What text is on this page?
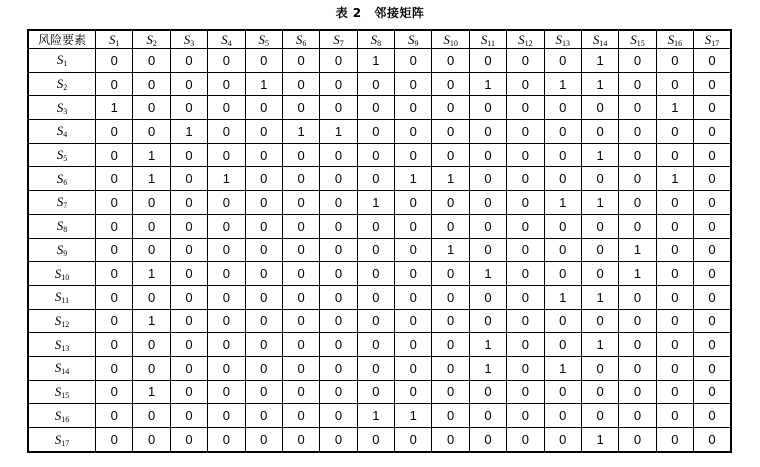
表 2 邻接矩阵
风险要素	$S_1$	$S_2$	$S_3$	$S_4$	$S_5$	$S_6$	$S_7$	$S_8$	$S_9$	$S_{10}$	$S_{11}$	$S_{12}$	$S_{13}$	$S_{14}$	$S_{15}$	$S_{16}$	$S_{17}$
$S_1$	0	0	0	0	0	0	0	1	0	0	0	0	0	1	0	0	0
$S_2$	0	0	0	0	1	0	0	0	0	0	1	0	1	1	0	0	0
$S_3$	1	0	0	0	0	0	0	0	0	0	0	0	0	0	0	1	0
$S_4$	0	0	1	0	0	1	1	0	0	0	0	0	0	0	0	0	0
$S_5$	0	1	0	0	0	0	0	0	0	0	0	0	0	1	0	0	0
$S_6$	0	1	0	1	0	0	0	0	1	1	0	0	0	0	0	1	0
$S_7$	0	0	0	0	0	0	0	1	0	0	0	0	1	1	0	0	0
$S_8$	0	0	0	0	0	0	0	0	0	0	0	0	0	0	0	0	0
$S_9$	0	0	0	0	0	0	0	0	0	1	0	0	0	0	1	0	0
$S_{10}$	0	1	0	0	0	0	0	0	0	0	1	0	0	0	1	0	0
$S_{11}$	0	0	0	0	0	0	0	0	0	0	0	0	1	1	0	0	0
$S_{12}$	0	1	0	0	0	0	0	0	0	0	0	0	0	0	0	0	0
$S_{13}$	0	0	0	0	0	0	0	0	0	0	1	0	0	1	0	0	0
$S_{14}$	0	0	0	0	0	0	0	0	0	0	1	0	1	0	0	0	0
$S_{15}$	0	1	0	0	0	0	0	0	0	0	0	0	0	0	0	0	0
$S_{16}$	0	0	0	0	0	0	0	1	1	0	0	0	0	0	0	0	0
$S_{17}$	0	0	0	0	0	0	0	0	0	0	0	0	0	1	0	0	0
